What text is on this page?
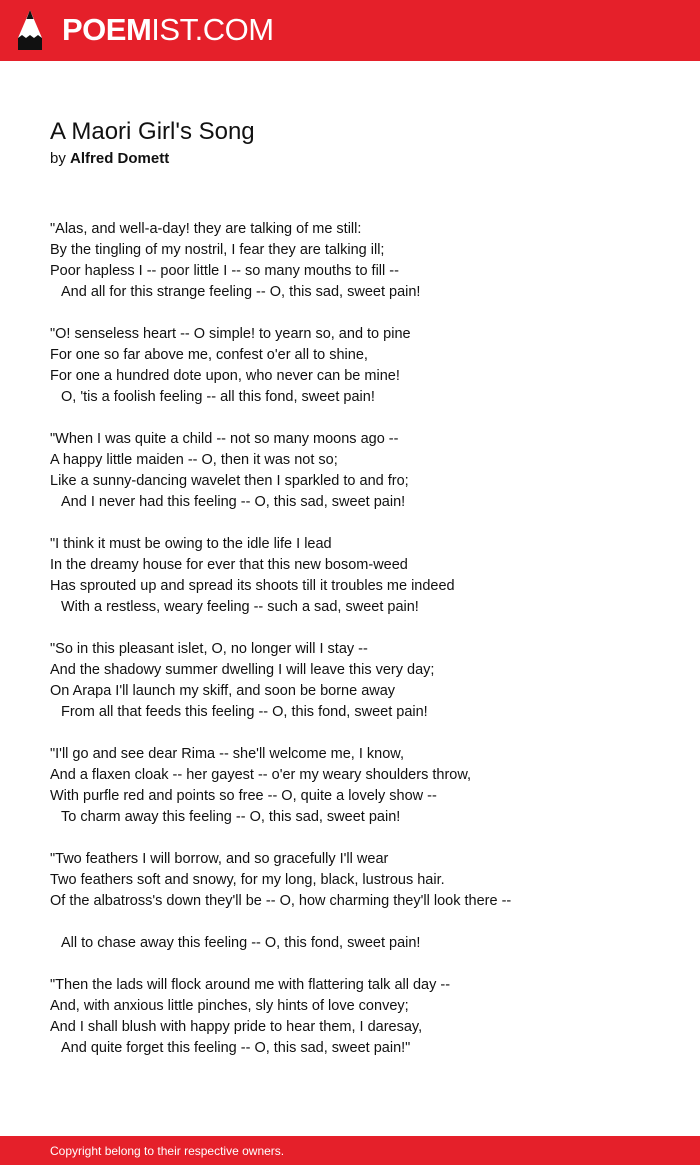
POEMIST.COM
A Maori Girl's Song
by Alfred Domett
"Alas, and well-a-day! they are talking of me still:
By the tingling of my nostril, I fear they are talking ill;
Poor hapless I -- poor little I -- so many mouths to fill --
And all for this strange feeling -- O, this sad, sweet pain!
"O! senseless heart -- O simple! to yearn so, and to pine
For one so far above me, confest o'er all to shine,
For one a hundred dote upon, who never can be mine!
O, 'tis a foolish feeling -- all this fond, sweet pain!
"When I was quite a child -- not so many moons ago --
A happy little maiden -- O, then it was not so;
Like a sunny-dancing wavelet then I sparkled to and fro;
And I never had this feeling -- O, this sad, sweet pain!
"I think it must be owing to the idle life I lead
In the dreamy house for ever that this new bosom-weed
Has sprouted up and spread its shoots till it troubles me indeed
With a restless, weary feeling -- such a sad, sweet pain!
"So in this pleasant islet, O, no longer will I stay --
And the shadowy summer dwelling I will leave this very day;
On Arapa I'll launch my skiff, and soon be borne away
From all that feeds this feeling -- O, this fond, sweet pain!
"I'll go and see dear Rima -- she'll welcome me, I know,
And a flaxen cloak -- her gayest -- o'er my weary shoulders throw,
With purfle red and points so free -- O, quite a lovely show --
To charm away this feeling -- O, this sad, sweet pain!
"Two feathers I will borrow, and so gracefully I'll wear
Two feathers soft and snowy, for my long, black, lustrous hair.
Of the albatross's down they'll be -- O, how charming they'll look there --
All to chase away this feeling -- O, this fond, sweet pain!
"Then the lads will flock around me with flattering talk all day --
And, with anxious little pinches, sly hints of love convey;
And I shall blush with happy pride to hear them, I daresay,
And quite forget this feeling -- O, this sad, sweet pain!"
Copyright belong to their respective owners.
